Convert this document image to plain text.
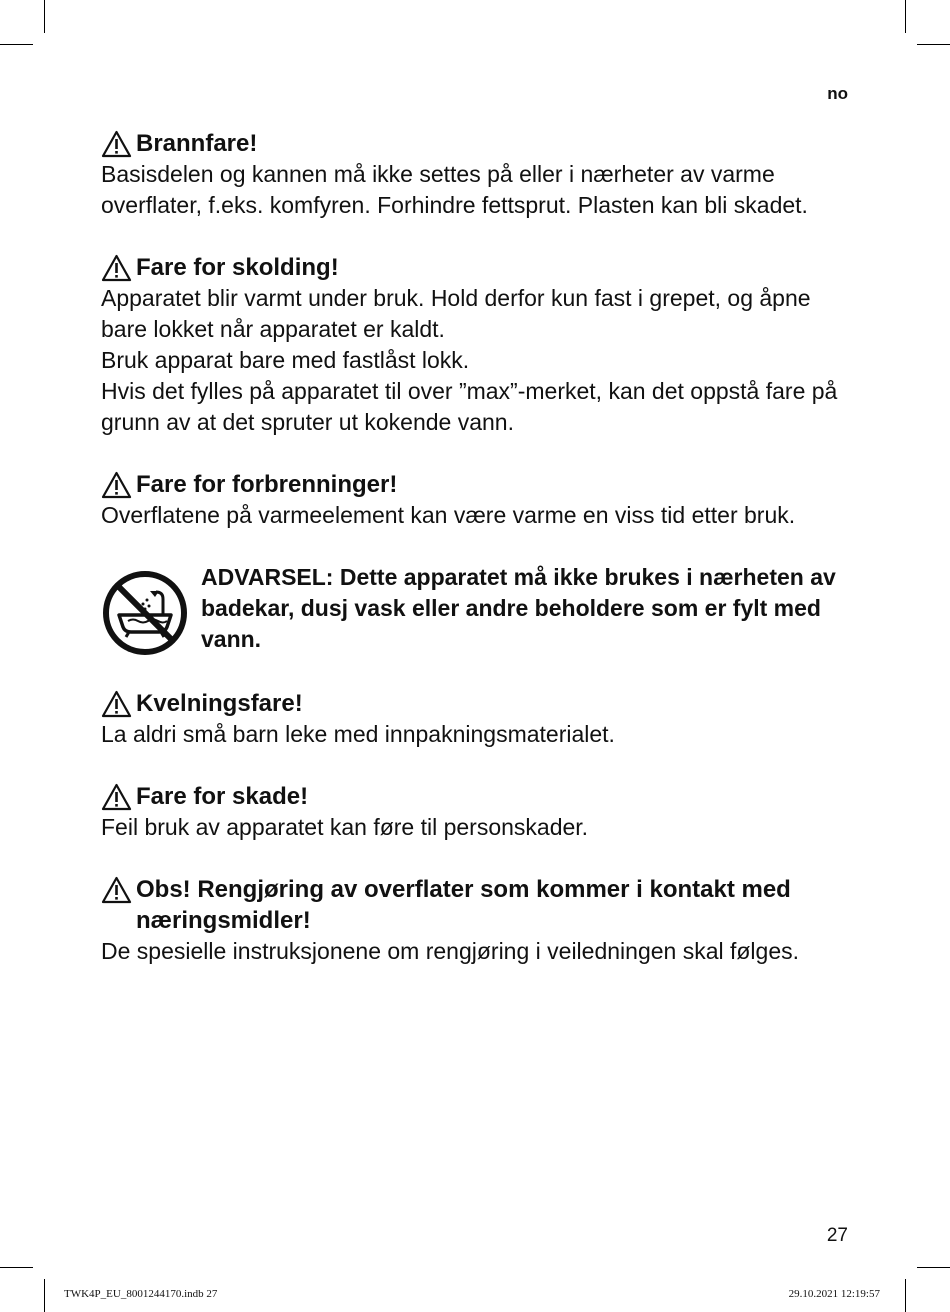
no
Brannfare!

Basisdelen og kannen må ikke settes på eller i nærheter av varme overflater, f.eks. komfyren. Forhindre fettsprut. Plasten kan bli skadet.

Fare for skolding!

Apparatet blir varmt under bruk. Hold derfor kun fast i grepet, og åpne bare lokket når apparatet er kaldt.

Bruk apparat bare med fastlåst lokk.

Hvis det fylles på apparatet til over ”max”-merket, kan det oppstå fare på grunn av at det spruter ut kokende vann.

Fare for forbrenninger!

Overflatene på varmeelement kan være varme en viss tid etter bruk.

ADVARSEL: Dette apparatet må ikke brukes i nærheten av badekar, dusj vask eller andre beholdere som er fylt med vann.
Kvelningsfare!

La aldri små barn leke med innpakningsmaterialet.

Fare for skade!

Feil bruk av apparatet kan føre til personskader.

Obs! Rengjøring av overflater som kommer i kontakt med næringsmidler!

De spesielle instruksjonene om rengjøring i veiledningen skal følges.

27
TWK4P_EU_8001244170.indb 27	29.10.2021 12:19:57
